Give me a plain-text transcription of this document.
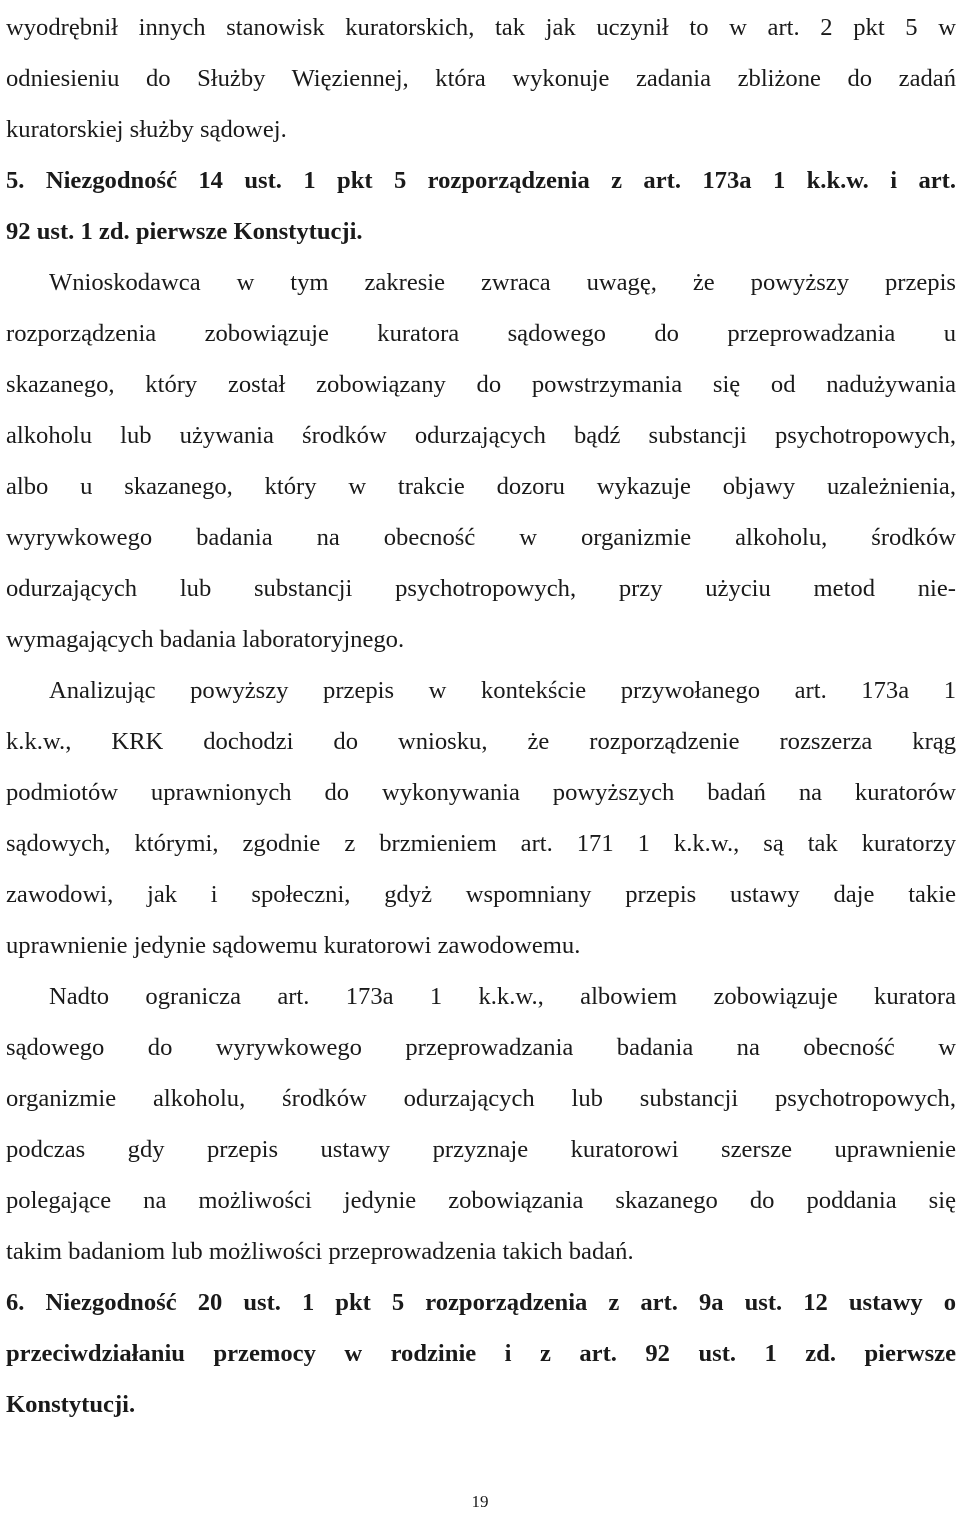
wyodrębnił innych stanowisk kuratorskich, tak jak uczynił to w art. 2 pkt 5 w
odniesieniu do Służby Więziennej, która wykonuje zadania zbliżone do zadań
kuratorskiej służby sądowej.
5. Niezgodność 14 ust. 1 pkt 5 rozporządzenia z art. 173a 1 k.k.w. i art.
92 ust. 1 zd. pierwsze Konstytucji.
Wnioskodawca w tym zakresie zwraca uwagę, że powyższy przepis
rozporządzenia zobowiązuje kuratora sądowego do przeprowadzania u
skazanego, który został zobowiązany do powstrzymania się od nadużywania
alkoholu lub używania środków odurzających bądź substancji psychotropowych,
albo u skazanego, który w trakcie dozoru wykazuje objawy uzależnienia,
wyrywkowego badania na obecność w organizmie alkoholu, środków
odurzających lub substancji psychotropowych, przy użyciu metod nie-
wymagających badania laboratoryjnego.
Analizując powyższy przepis w kontekście przywołanego art. 173a 1
k.k.w., KRK dochodzi do wniosku, że rozporządzenie rozszerza krąg
podmiotów uprawnionych do wykonywania powyższych badań na kuratorów
sądowych, którymi, zgodnie z brzmieniem art. 171 1 k.k.w., są tak kuratorzy
zawodowi, jak i społeczni, gdyż wspomniany przepis ustawy daje takie
uprawnienie jedynie sądowemu kuratorowi zawodowemu.
Nadto ogranicza art. 173a 1 k.k.w., albowiem zobowiązuje kuratora
sądowego do wyrywkowego przeprowadzania badania na obecność w
organizmie alkoholu, środków odurzających lub substancji psychotropowych,
podczas gdy przepis ustawy przyznaje kuratorowi szersze uprawnienie
polegające na możliwości jedynie zobowiązania skazanego do poddania się
takim badaniom lub możliwości przeprowadzenia takich badań.
6. Niezgodność 20 ust. 1 pkt 5 rozporządzenia z art. 9a ust. 12 ustawy o
przeciwdziałaniu przemocy w rodzinie i z art. 92 ust. 1 zd. pierwsze
Konstytucji.
19
